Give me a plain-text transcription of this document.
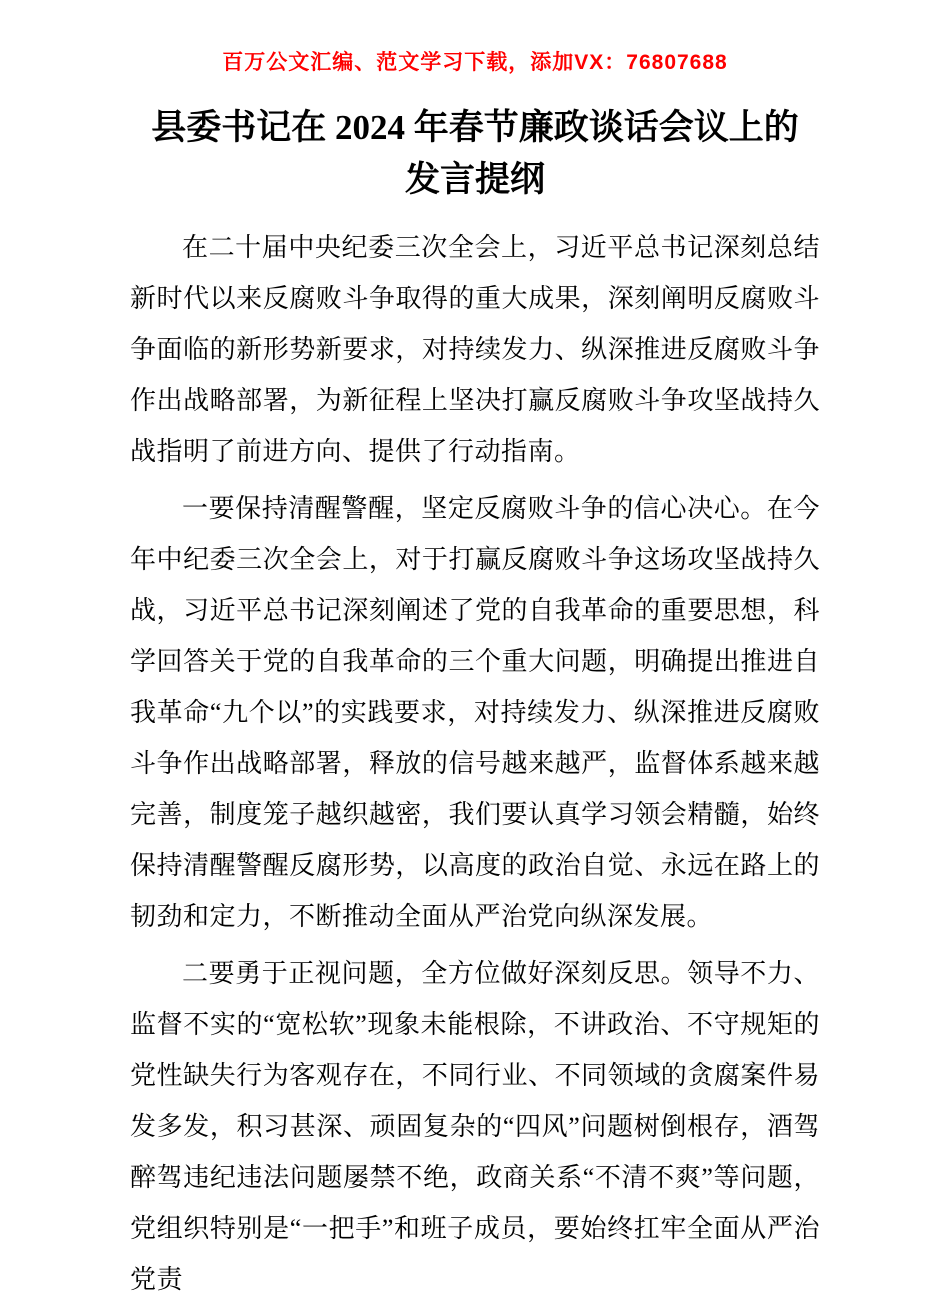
百万公文汇编、范文学习下载，添加VX：76807688
县委书记在 2024 年春节廉政谈话会议上的发言提纲

在二十届中央纪委三次全会上，习近平总书记深刻总结新时代以来反腐败斗争取得的重大成果，深刻阐明反腐败斗争面临的新形势新要求，对持续发力、纵深推进反腐败斗争作出战略部署，为新征程上坚决打赢反腐败斗争攻坚战持久战指明了前进方向、提供了行动指南。

一要保持清醒警醒，坚定反腐败斗争的信心决心。在今年中纪委三次全会上，对于打赢反腐败斗争这场攻坚战持久战，习近平总书记深刻阐述了党的自我革命的重要思想，科学回答关于党的自我革命的三个重大问题，明确提出推进自我革命“九个以”的实践要求，对持续发力、纵深推进反腐败斗争作出战略部署，释放的信号越来越严，监督体系越来越完善，制度笼子越织越密，我们要认真学习领会精髓，始终保持清醒警醒反腐形势，以高度的政治自觉、永远在路上的韧劲和定力，不断推动全面从严治党向纵深发展。

二要勇于正视问题，全方位做好深刻反思。领导不力、监督不实的“宽松软”现象未能根除，不讲政治、不守规矩的党性缺失行为客观存在，不同行业、不同领域的贪腐案件易发多发，积习甚深、顽固复杂的“四风”问题树倒根存，酒驾醉驾违纪违法问题屡禁不绝，政商关系“不清不爽”等问题，党组织特别是“一把手”和班子成员，要始终扛牢全面从严治党责
